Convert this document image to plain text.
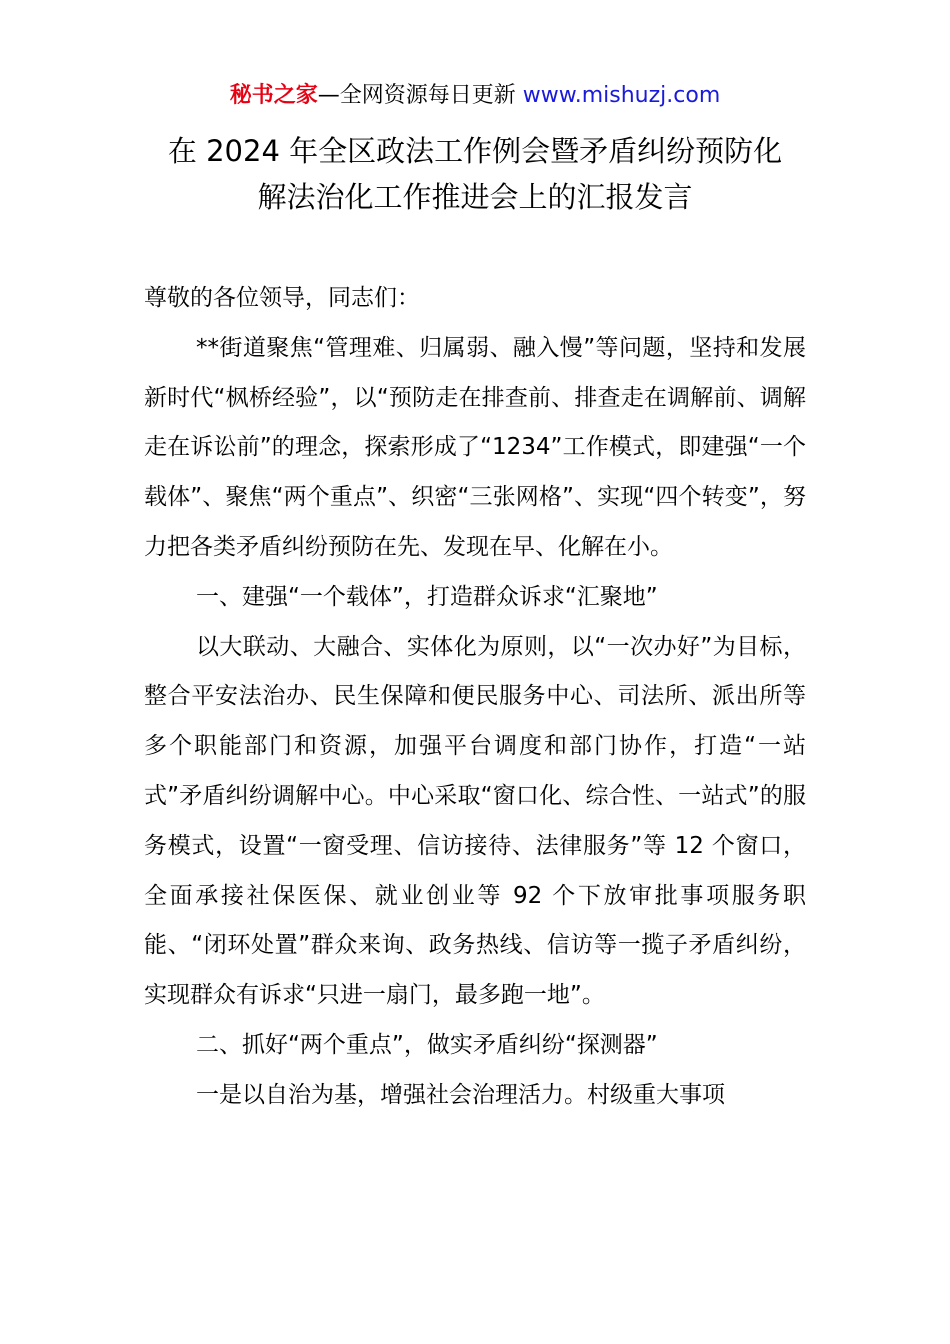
秘书之家—全网资源每日更新 www.mishuzj.com
在 2024 年全区政法工作例会暨矛盾纠纷预防化
解法治化工作推进会上的汇报发言

尊敬的各位领导，同志们：

**街道聚焦“管理难、归属弱、融入慢”等问题，坚持和发展新时代“枫桥经验”，以“预防走在排查前、排查走在调解前、调解走在诉讼前”的理念，探索形成了“1234”工作模式，即建强“一个载体”、聚焦“两个重点”、织密“三张网格”、实现“四个转变”，努力把各类矛盾纠纷预防在先、发现在早、化解在小。

一、建强“一个载体”，打造群众诉求“汇聚地”

以大联动、大融合、实体化为原则，以“一次办好”为目标，整合平安法治办、民生保障和便民服务中心、司法所、派出所等多个职能部门和资源，加强平台调度和部门协作，打造“一站式”矛盾纠纷调解中心。中心采取“窗口化、综合性、一站式”的服务模式，设置“一窗受理、信访接待、法律服务”等 12 个窗口，全面承接社保医保、就业创业等 92 个下放审批事项服务职能、“闭环处置”群众来询、政务热线、信访等一揽子矛盾纠纷，实现群众有诉求“只进一扇门，最多跑一地”。

二、抓好“两个重点”，做实矛盾纠纷“探测器”

一是以自治为基，增强社会治理活力。村级重大事项
